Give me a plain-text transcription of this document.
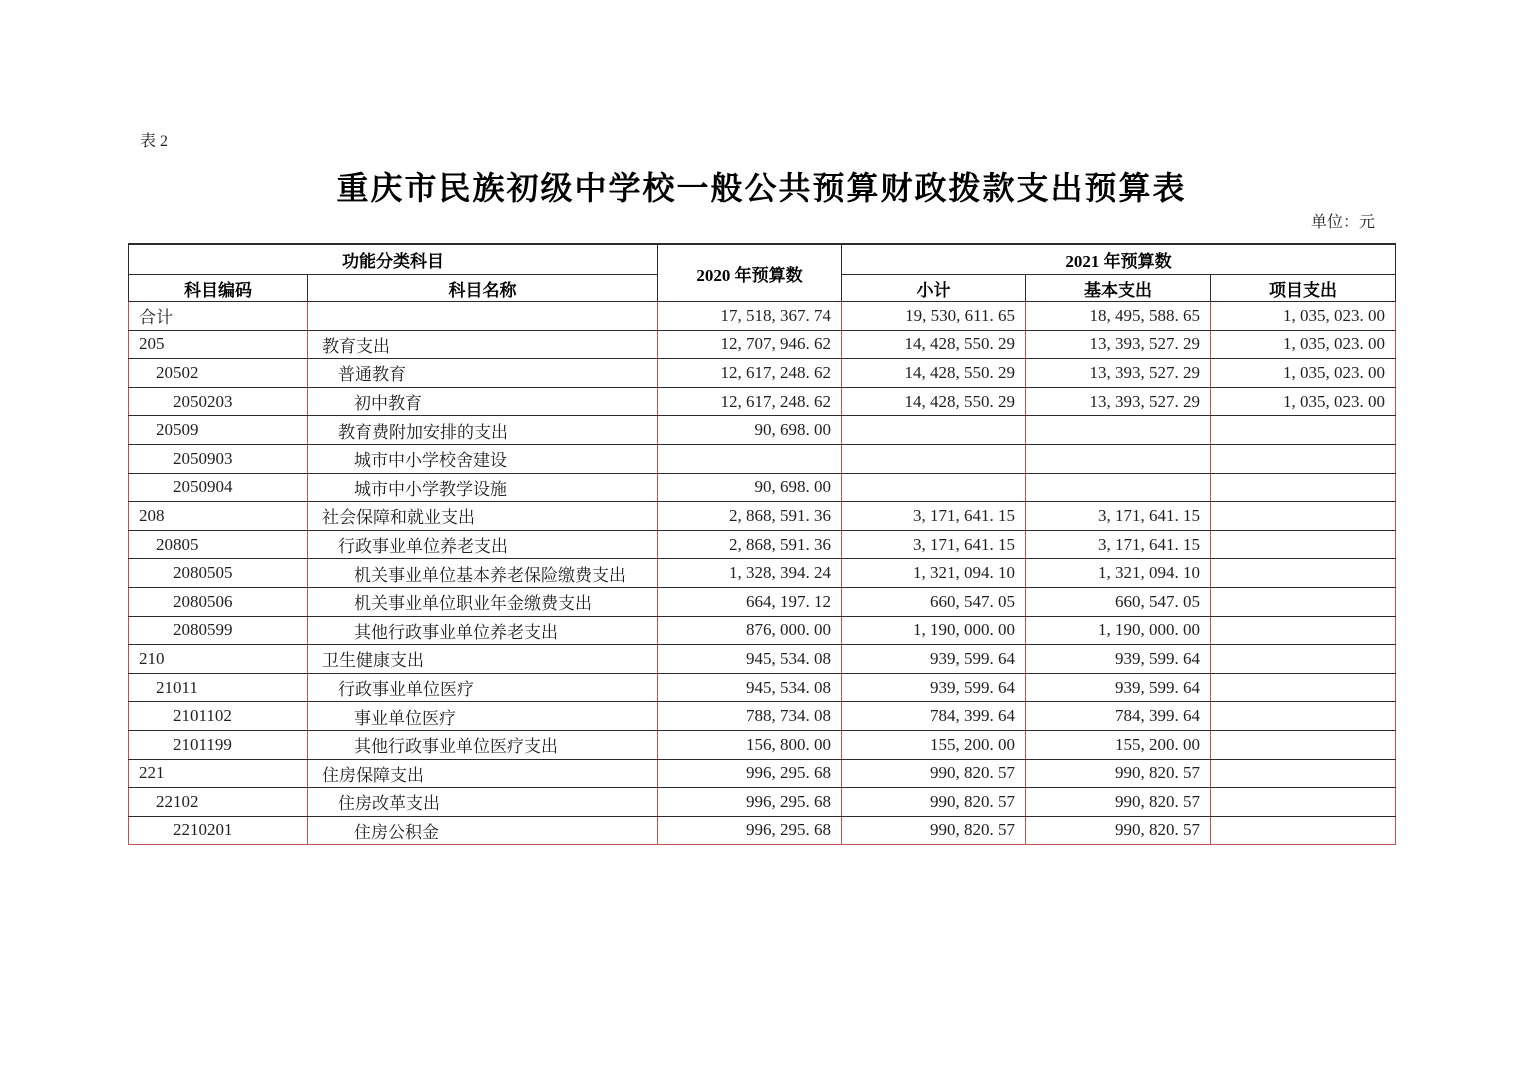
表 2
重庆市民族初级中学校一般公共预算财政拨款支出预算表
单位：元
功能分类科目		2020 年预算数	2021 年预算数		
科目编码	科目名称		小计	基本支出	项目支出
合计		17, 518, 367. 74	19, 530, 611. 65	18, 495, 588. 65	1, 035, 023. 00
205	教育支出	12, 707, 946. 62	14, 428, 550. 29	13, 393, 527. 29	1, 035, 023. 00
20502	普通教育	12, 617, 248. 62	14, 428, 550. 29	13, 393, 527. 29	1, 035, 023. 00
2050203	初中教育	12, 617, 248. 62	14, 428, 550. 29	13, 393, 527. 29	1, 035, 023. 00
20509	教育费附加安排的支出	90, 698. 00			
2050903	城市中小学校舍建设				
2050904	城市中小学教学设施	90, 698. 00			
208	社会保障和就业支出	2, 868, 591. 36	3, 171, 641. 15	3, 171, 641. 15	
20805	行政事业单位养老支出	2, 868, 591. 36	3, 171, 641. 15	3, 171, 641. 15	
2080505	机关事业单位基本养老保险缴费支出	1, 328, 394. 24	1, 321, 094. 10	1, 321, 094. 10	
2080506	机关事业单位职业年金缴费支出	664, 197. 12	660, 547. 05	660, 547. 05	
2080599	其他行政事业单位养老支出	876, 000. 00	1, 190, 000. 00	1, 190, 000. 00	
210	卫生健康支出	945, 534. 08	939, 599. 64	939, 599. 64	
21011	行政事业单位医疗	945, 534. 08	939, 599. 64	939, 599. 64	
2101102	事业单位医疗	788, 734. 08	784, 399. 64	784, 399. 64	
2101199	其他行政事业单位医疗支出	156, 800. 00	155, 200. 00	155, 200. 00	
221	住房保障支出	996, 295. 68	990, 820. 57	990, 820. 57	
22102	住房改革支出	996, 295. 68	990, 820. 57	990, 820. 57	
2210201	住房公积金	996, 295. 68	990, 820. 57	990, 820. 57	
